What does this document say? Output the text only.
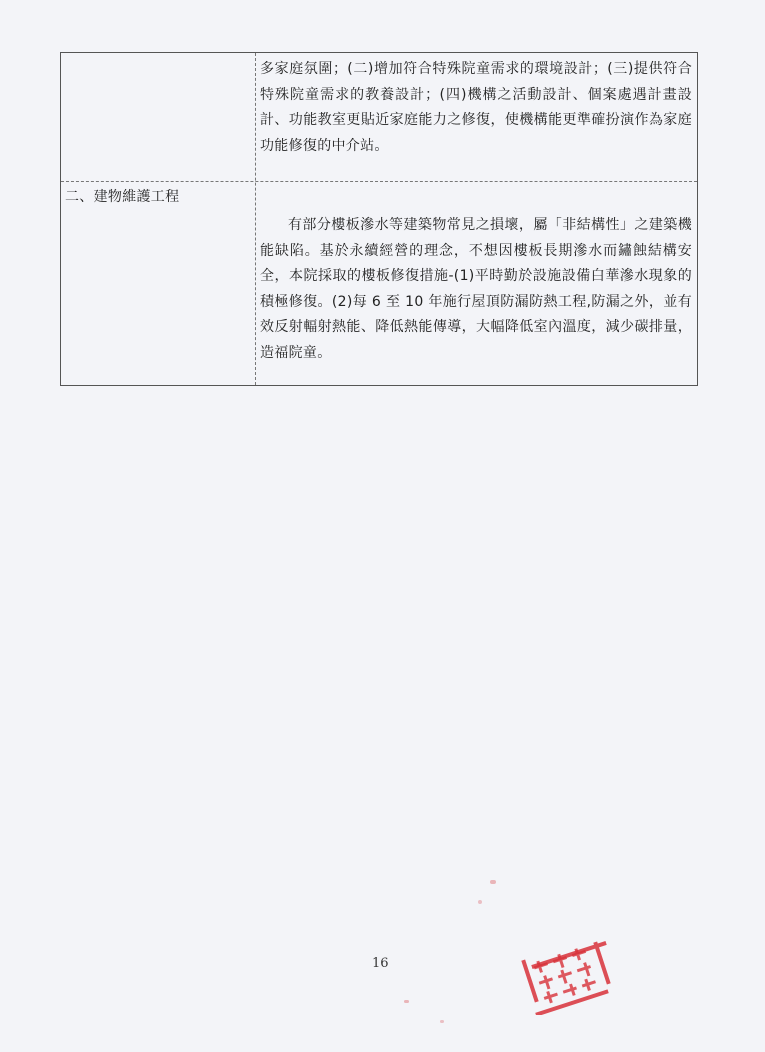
多家庭氛圍；(二)增加符合特殊院童需求的環境設計；(三)提供符合特殊院童需求的教養設計；(四)機構之活動設計、個案處遇計畫設計、功能教室更貼近家庭能力之修復，使機構能更準確扮演作為家庭功能修復的中介站。
二、建物維護工程
有部分樓板滲水等建築物常見之損壞，屬「非結構性」之建築機能缺陷。基於永續經營的理念，不想因樓板長期滲水而鏽蝕結構安全，本院採取的樓板修復措施-(1)平時勤於設施設備白華滲水現象的積極修復。(2)每 6 至 10 年施行屋頂防漏防熱工程,防漏之外，並有效反射輻射熱能、降低熱能傳導，大幅降低室內溫度，減少碳排量，造福院童。
16
